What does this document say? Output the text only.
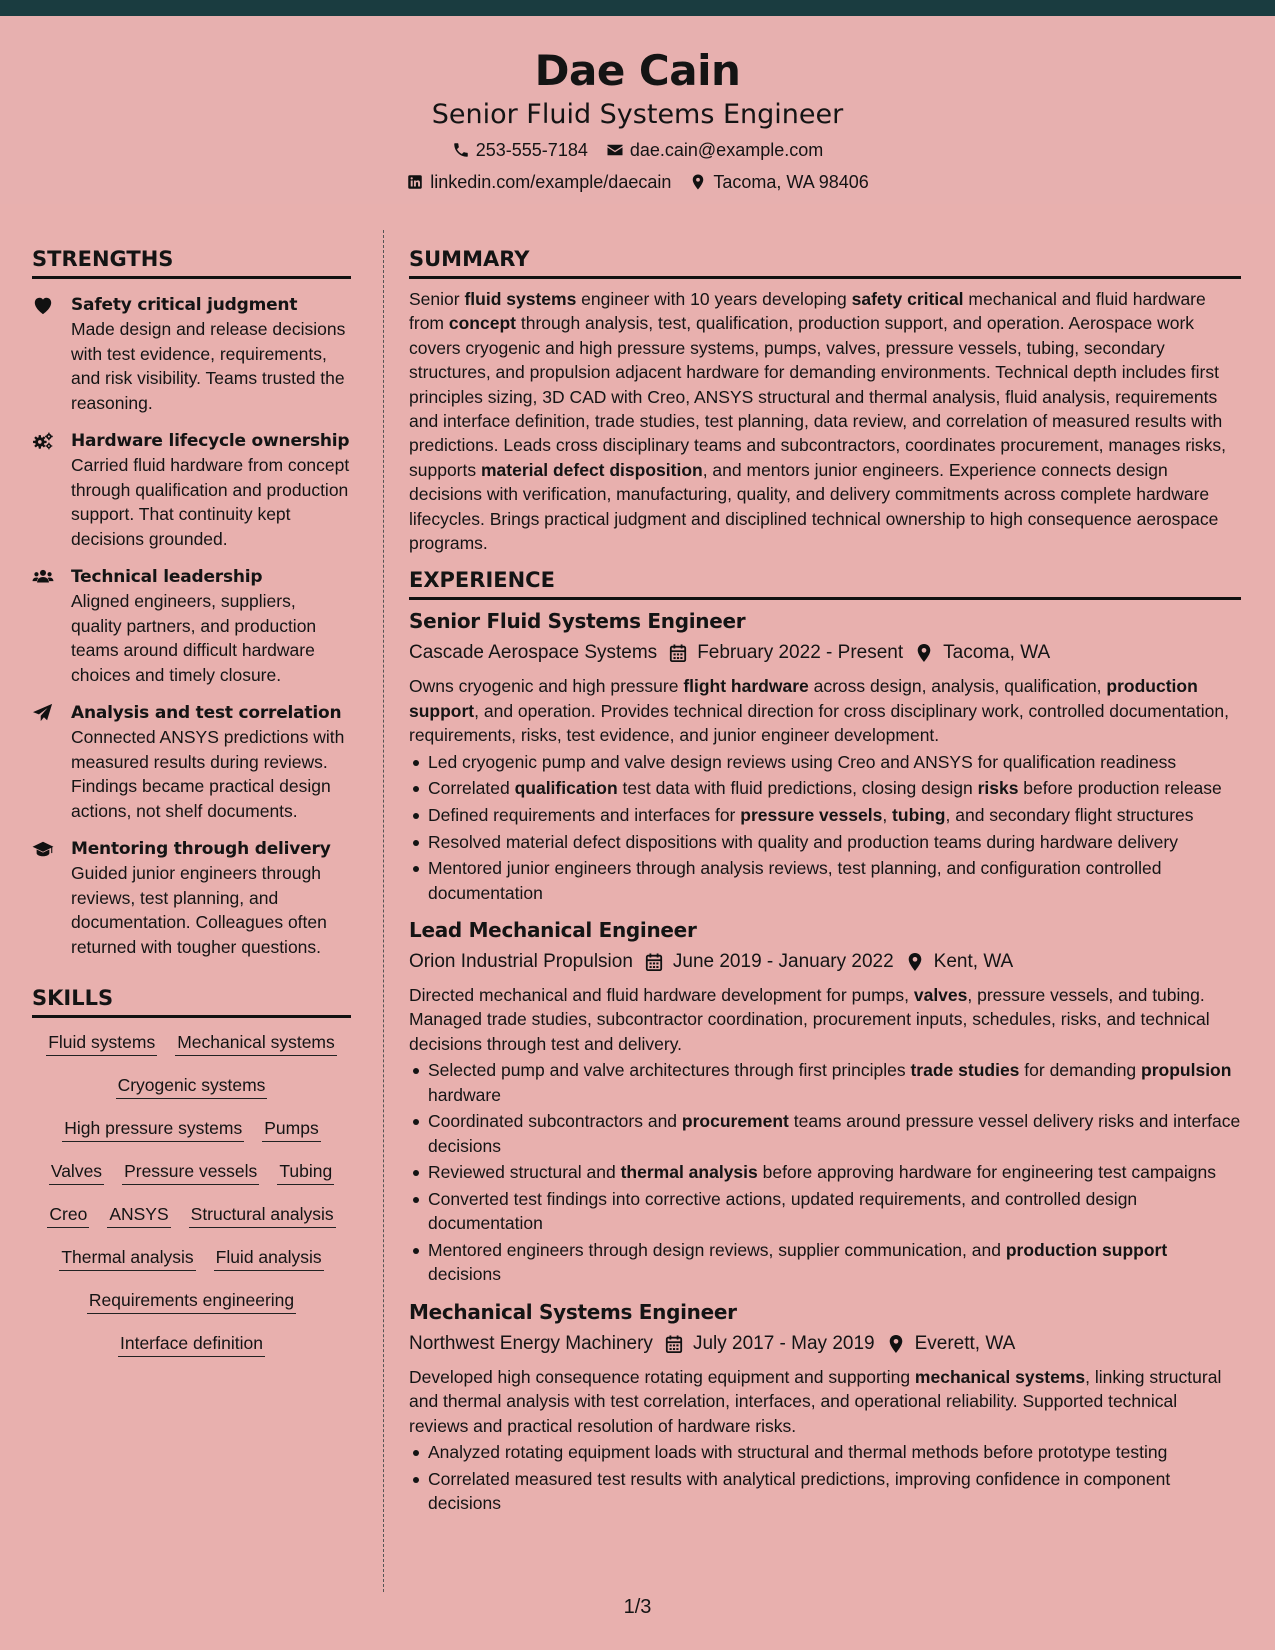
Dae Cain
Senior Fluid Systems Engineer
253-555-7184 dae.cain@example.com
linkedin.com/example/daecain Tacoma, WA 98406
STRENGTHS
Safety critical judgment
Made design and release decisions with test evidence, requirements, and risk visibility. Teams trusted the reasoning.
Hardware lifecycle ownership
Carried fluid hardware from concept through qualification and production support. That continuity kept decisions grounded.
Technical leadership
Aligned engineers, suppliers, quality partners, and production teams around difficult hardware choices and timely closure.
Analysis and test correlation
Connected ANSYS predictions with measured results during reviews. Findings became practical design actions, not shelf documents.
Mentoring through delivery
Guided junior engineers through reviews, test planning, and documentation. Colleagues often returned with tougher questions.
SKILLS
Fluid systems Mechanical systems
Cryogenic systems
High pressure systems Pumps
Valves Pressure vessels Tubing
Creo ANSYS Structural analysis
Thermal analysis Fluid analysis
Requirements engineering
Interface definition
SUMMARY
Senior fluid systems engineer with 10 years developing safety critical mechanical and fluid hardware from concept through analysis, test, qualification, production support, and operation. Aerospace work covers cryogenic and high pressure systems, pumps, valves, pressure vessels, tubing, secondary structures, and propulsion adjacent hardware for demanding environments. Technical depth includes first principles sizing, 3D CAD with Creo, ANSYS structural and thermal analysis, fluid analysis, requirements and interface definition, trade studies, test planning, data review, and correlation of measured results with predictions. Leads cross disciplinary teams and subcontractors, coordinates procurement, manages risks, supports material defect disposition, and mentors junior engineers. Experience connects design decisions with verification, manufacturing, quality, and delivery commitments across complete hardware lifecycles. Brings practical judgment and disciplined technical ownership to high consequence aerospace programs.
EXPERIENCE
Senior Fluid Systems Engineer
Cascade Aerospace Systems February 2022 - Present Tacoma, WA
Owns cryogenic and high pressure flight hardware across design, analysis, qualification, production support, and operation. Provides technical direction for cross disciplinary work, controlled documentation, requirements, risks, test evidence, and junior engineer development.
Led cryogenic pump and valve design reviews using Creo and ANSYS for qualification readiness
Correlated qualification test data with fluid predictions, closing design risks before production release
Defined requirements and interfaces for pressure vessels, tubing, and secondary flight structures
Resolved material defect dispositions with quality and production teams during hardware delivery
Mentored junior engineers through analysis reviews, test planning, and configuration controlled documentation
Lead Mechanical Engineer
Orion Industrial Propulsion June 2019 - January 2022 Kent, WA
Directed mechanical and fluid hardware development for pumps, valves, pressure vessels, and tubing. Managed trade studies, subcontractor coordination, procurement inputs, schedules, risks, and technical decisions through test and delivery.
Selected pump and valve architectures through first principles trade studies for demanding propulsion hardware
Coordinated subcontractors and procurement teams around pressure vessel delivery risks and interface decisions
Reviewed structural and thermal analysis before approving hardware for engineering test campaigns
Converted test findings into corrective actions, updated requirements, and controlled design documentation
Mentored engineers through design reviews, supplier communication, and production support decisions
Mechanical Systems Engineer
Northwest Energy Machinery July 2017 - May 2019 Everett, WA
Developed high consequence rotating equipment and supporting mechanical systems, linking structural and thermal analysis with test correlation, interfaces, and operational reliability. Supported technical reviews and practical resolution of hardware risks.
Analyzed rotating equipment loads with structural and thermal methods before prototype testing
Correlated measured test results with analytical predictions, improving confidence in component decisions
1/3
